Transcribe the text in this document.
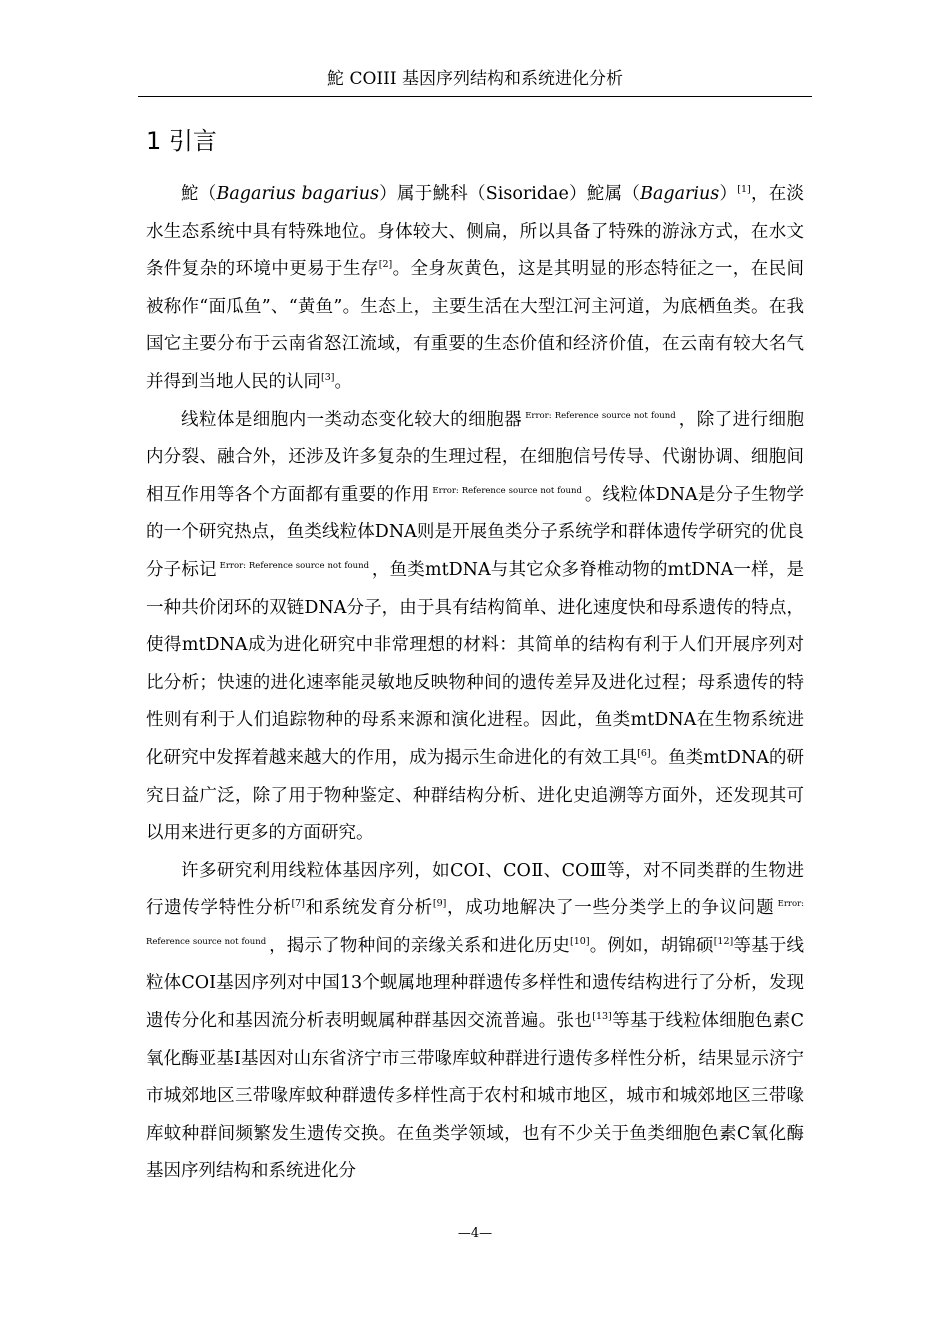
鮀 COIII 基因序列结构和系统进化分析
1 引言

鮀（Bagarius bagarius）属于鮡科（Sisoridae）鮀属（Bagarius）[1]，在淡水生态系统中具有特殊地位。身体较大、侧扁，所以具备了特殊的游泳方式，在水文条件复杂的环境中更易于生存[2]。全身灰黄色，这是其明显的形态特征之一，在民间被称作“面瓜鱼”、“黄鱼”。生态上，主要生活在大型江河主河道，为底栖鱼类。在我国它主要分布于云南省怒江流域，有重要的生态价值和经济价值，在云南有较大名气并得到当地人民的认同[3]。

线粒体是细胞内一类动态变化较大的细胞器 $^{Error: Reference source not found}$ ，除了进行细胞内分裂、融合外，还涉及许多复杂的生理过程，在细胞信号传导、代谢协调、细胞间相互作用等各个方面都有重要的作用 $^{Error: Reference source not found}$ 。线粒体DNA是分子生物学的一个研究热点，鱼类线粒体DNA则是开展鱼类分子系统学和群体遗传学研究的优良分子标记 $^{Error: Reference source not found}$ ，鱼类mtDNA与其它众多脊椎动物的mtDNA一样，是一种共价闭环的双链DNA分子，由于具有结构简单、进化速度快和母系遗传的特点，使得mtDNA成为进化研究中非常理想的材料：其简单的结构有利于人们开展序列对比分析；快速的进化速率能灵敏地反映物种间的遗传差异及进化过程；母系遗传的特性则有利于人们追踪物种的母系来源和演化进程。因此，鱼类mtDNA在生物系统进化研究中发挥着越来越大的作用，成为揭示生命进化的有效工具[6]。鱼类mtDNA的研究日益广泛，除了用于物种鉴定、种群结构分析、进化史追溯等方面外，还发现其可以用来进行更多的方面研究。

许多研究利用线粒体基因序列，如COI、COⅡ、COⅢ等，对不同类群的生物进行遗传学特性分析[7]和系统发育分析[9]，成功地解决了一些分类学上的争议问题 $^{Error: Reference source not found}$ ，揭示了物种间的亲缘关系和进化历史[10]。例如，胡锦硕[12]等基于线粒体COI基因序列对中国13个蚬属地理种群遗传多样性和遗传结构进行了分析，发现遗传分化和基因流分析表明蚬属种群基因交流普遍。张也[13]等基于线粒体细胞色素C氧化酶亚基I基因对山东省济宁市三带喙库蚊种群进行遗传多样性分析，结果显示济宁市城郊地区三带喙库蚊种群遗传多样性高于农村和城市地区，城市和城郊地区三带喙库蚊种群间频繁发生遗传交换。在鱼类学领域，也有不少关于鱼类细胞色素C氧化酶基因序列结构和系统进化分

—4—
